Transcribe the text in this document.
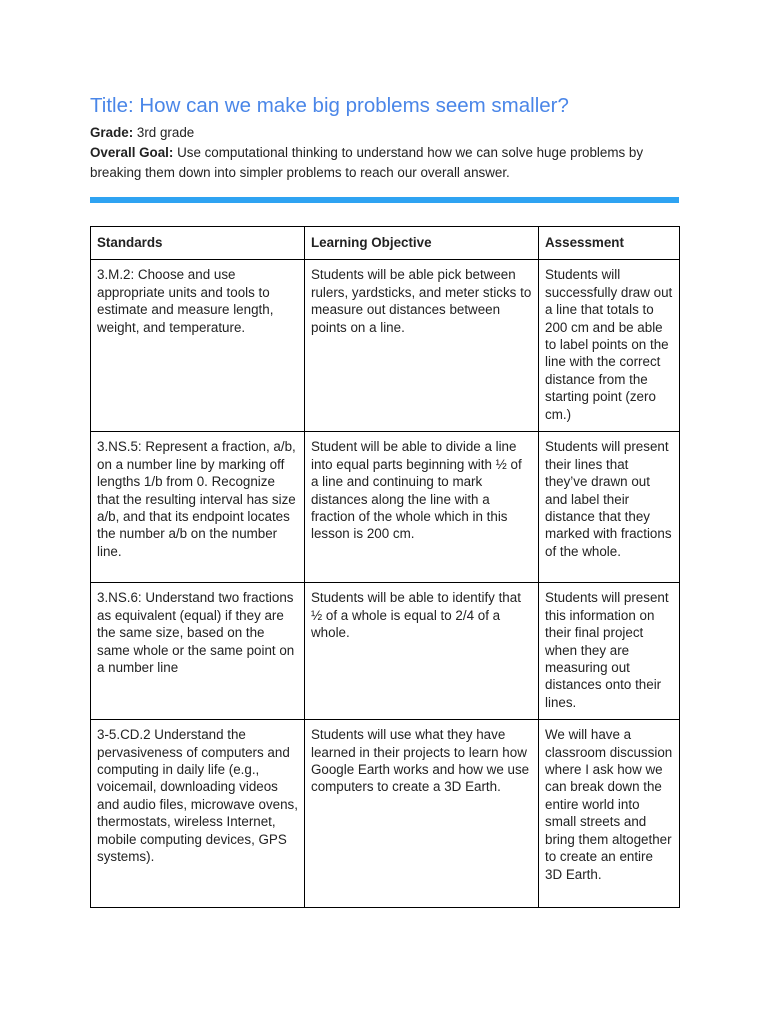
Title: How can we make big problems seem smaller?

Grade: 3rd grade

Overall Goal: Use computational thinking to understand how we can solve huge problems by breaking them down into simpler problems to reach our overall answer.

Standards	Learning Objective	Assessment
3.M.2: Choose and use appropriate units and tools to estimate and measure length, weight, and temperature.	Students will be able pick between rulers, yardsticks, and meter sticks to measure out distances between points on a line.	Students will successfully draw out a line that totals to 200 cm and be able to label points on the line with the correct distance from the starting point (zero cm.)
3.NS.5: Represent a fraction, a/b, on a number line by marking off lengths 1/b from 0. Recognize that the resulting interval has size a/b, and that its endpoint locates the number a/b on the number line.	Student will be able to divide a line into equal parts beginning with ½ of a line and continuing to mark distances along the line with a fraction of the whole which in this lesson is 200 cm.	Students will present their lines that they’ve drawn out and label their distance that they marked with fractions of the whole.
3.NS.6: Understand two fractions as equivalent (equal) if they are the same size, based on the same whole or the same point on a number line	Students will be able to identify that ½ of a whole is equal to 2/4 of a whole.	Students will present this information on their final project when they are measuring out distances onto their lines.
3-5.CD.2 Understand the pervasiveness of computers and computing in daily life (e.g., voicemail, downloading videos and audio files, microwave ovens, thermostats, wireless Internet, mobile computing devices, GPS systems).	Students will use what they have learned in their projects to learn how Google Earth works and how we use computers to create a 3D Earth.	We will have a classroom discussion where I ask how we can break down the entire world into small streets and bring them altogether to create an entire 3D Earth.
